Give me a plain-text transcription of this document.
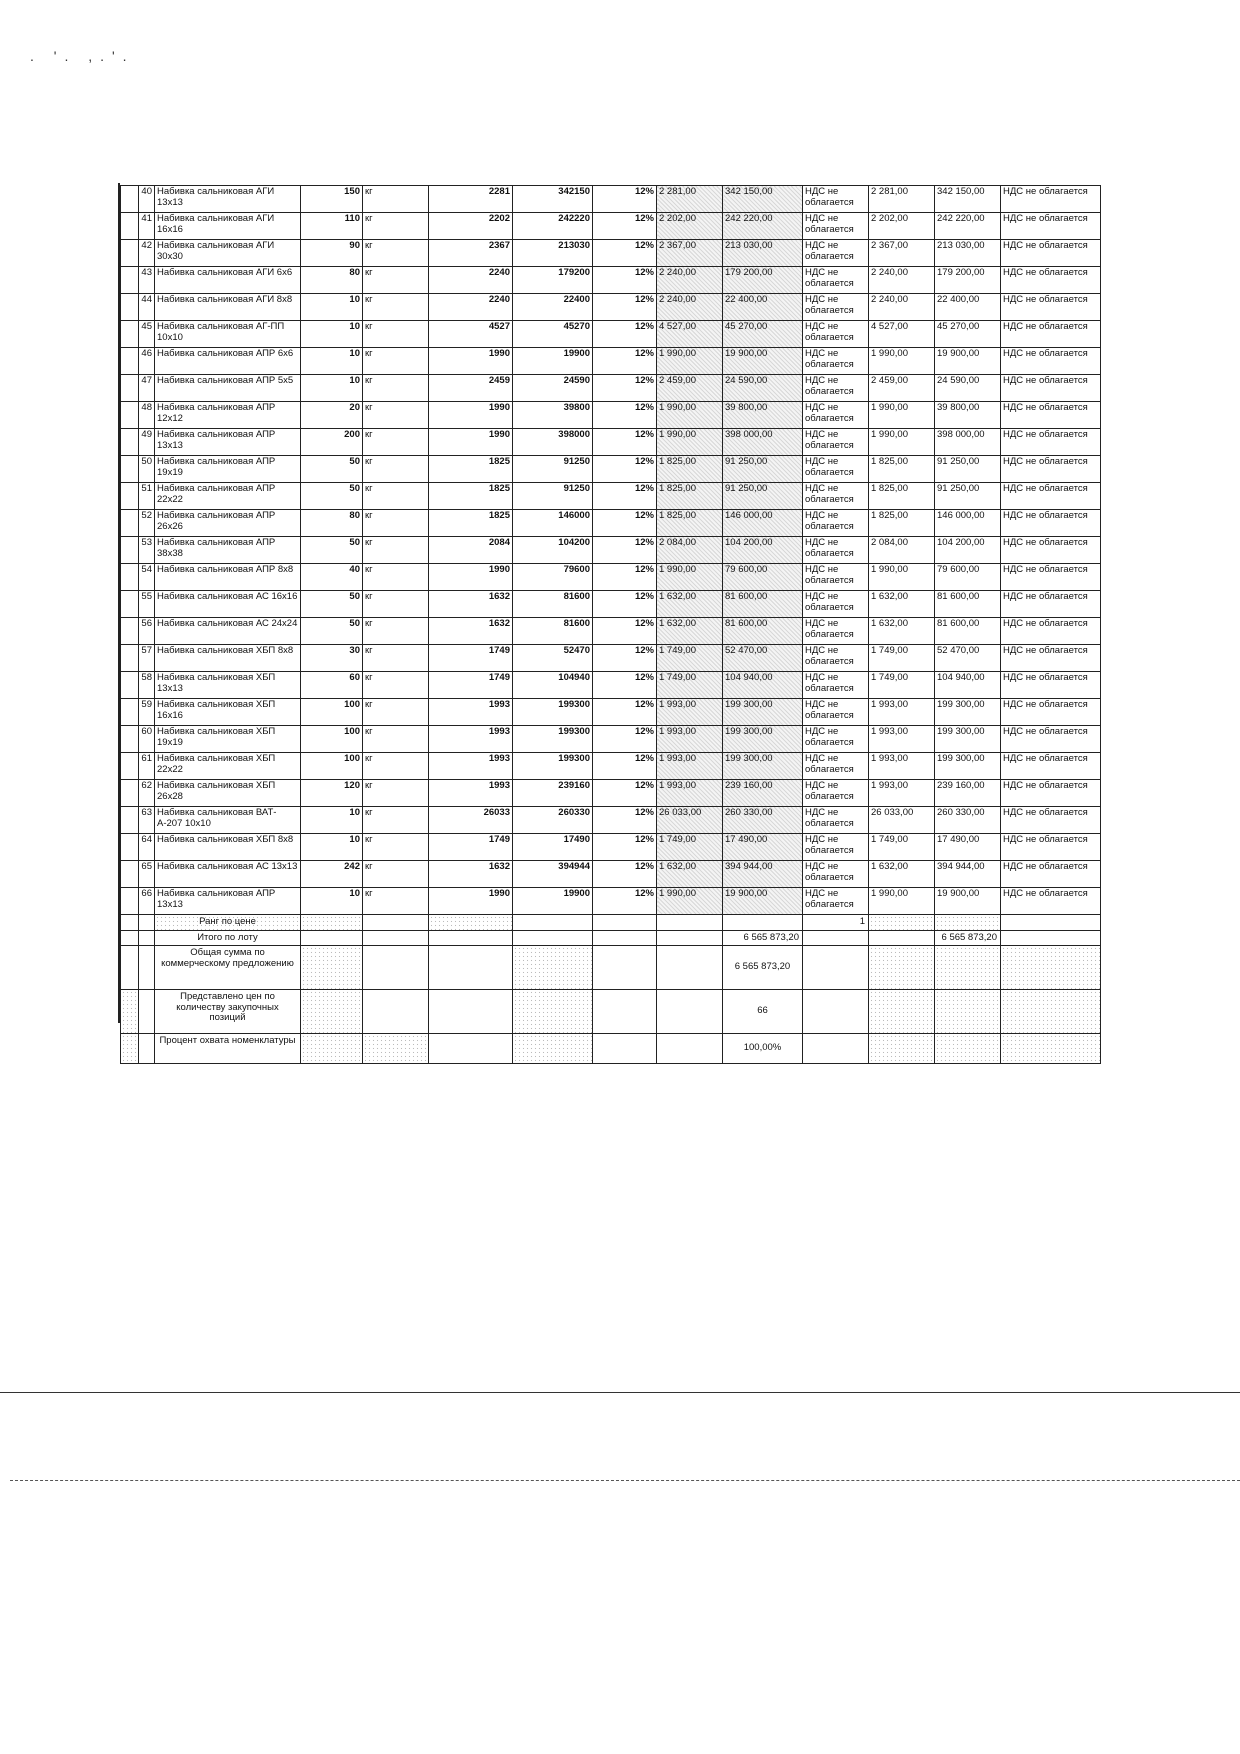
. '. ,.'.
	40	Набивка сальниковая АГИ 13х13	150	кг	2281	342150	12%	2 281,00	342 150,00	НДС не облагается	2 281,00	342 150,00	НДС не облагается
	41	Набивка сальниковая АГИ 16х16	110	кг	2202	242220	12%	2 202,00	242 220,00	НДС не облагается	2 202,00	242 220,00	НДС не облагается
	42	Набивка сальниковая АГИ 30х30	90	кг	2367	213030	12%	2 367,00	213 030,00	НДС не облагается	2 367,00	213 030,00	НДС не облагается
	43	Набивка сальниковая АГИ 6х6	80	кг	2240	179200	12%	2 240,00	179 200,00	НДС не облагается	2 240,00	179 200,00	НДС не облагается
	44	Набивка сальниковая АГИ 8х8	10	кг	2240	22400	12%	2 240,00	22 400,00	НДС не облагается	2 240,00	22 400,00	НДС не облагается
	45	Набивка сальниковая АГ-ПП 10х10	10	кг	4527	45270	12%	4 527,00	45 270,00	НДС не облагается	4 527,00	45 270,00	НДС не облагается
	46	Набивка сальниковая АПР 6х6	10	кг	1990	19900	12%	1 990,00	19 900,00	НДС не облагается	1 990,00	19 900,00	НДС не облагается
	47	Набивка сальниковая АПР 5х5	10	кг	2459	24590	12%	2 459,00	24 590,00	НДС не облагается	2 459,00	24 590,00	НДС не облагается
	48	Набивка сальниковая АПР 12х12	20	кг	1990	39800	12%	1 990,00	39 800,00	НДС не облагается	1 990,00	39 800,00	НДС не облагается
	49	Набивка сальниковая АПР 13х13	200	кг	1990	398000	12%	1 990,00	398 000,00	НДС не облагается	1 990,00	398 000,00	НДС не облагается
	50	Набивка сальниковая АПР 19х19	50	кг	1825	91250	12%	1 825,00	91 250,00	НДС не облагается	1 825,00	91 250,00	НДС не облагается
	51	Набивка сальниковая АПР 22х22	50	кг	1825	91250	12%	1 825,00	91 250,00	НДС не облагается	1 825,00	91 250,00	НДС не облагается
	52	Набивка сальниковая АПР 26х26	80	кг	1825	146000	12%	1 825,00	146 000,00	НДС не облагается	1 825,00	146 000,00	НДС не облагается
	53	Набивка сальниковая АПР 38х38	50	кг	2084	104200	12%	2 084,00	104 200,00	НДС не облагается	2 084,00	104 200,00	НДС не облагается
	54	Набивка сальниковая АПР 8х8	40	кг	1990	79600	12%	1 990,00	79 600,00	НДС не облагается	1 990,00	79 600,00	НДС не облагается
	55	Набивка сальниковая АС 16х16	50	кг	1632	81600	12%	1 632,00	81 600,00	НДС не облагается	1 632,00	81 600,00	НДС не облагается
	56	Набивка сальниковая АС 24х24	50	кг	1632	81600	12%	1 632,00	81 600,00	НДС не облагается	1 632,00	81 600,00	НДС не облагается
	57	Набивка сальниковая ХБП 8х8	30	кг	1749	52470	12%	1 749,00	52 470,00	НДС не облагается	1 749,00	52 470,00	НДС не облагается
	58	Набивка сальниковая ХБП 13х13	60	кг	1749	104940	12%	1 749,00	104 940,00	НДС не облагается	1 749,00	104 940,00	НДС не облагается
	59	Набивка сальниковая ХБП 16х16	100	кг	1993	199300	12%	1 993,00	199 300,00	НДС не облагается	1 993,00	199 300,00	НДС не облагается
	60	Набивка сальниковая ХБП 19х19	100	кг	1993	199300	12%	1 993,00	199 300,00	НДС не облагается	1 993,00	199 300,00	НДС не облагается
	61	Набивка сальниковая ХБП 22х22	100	кг	1993	199300	12%	1 993,00	199 300,00	НДС не облагается	1 993,00	199 300,00	НДС не облагается
	62	Набивка сальниковая ХБП 26х28	120	кг	1993	239160	12%	1 993,00	239 160,00	НДС не облагается	1 993,00	239 160,00	НДС не облагается
	63	Набивка сальниковая ВАТ-А-207 10х10	10	кг	26033	260330	12%	26 033,00	260 330,00	НДС не облагается	26 033,00	260 330,00	НДС не облагается
	64	Набивка сальниковая ХБП 8х8	10	кг	1749	17490	12%	1 749,00	17 490,00	НДС не облагается	1 749,00	17 490,00	НДС не облагается
	65	Набивка сальниковая АС 13х13	242	кг	1632	394944	12%	1 632,00	394 944,00	НДС не облагается	1 632,00	394 944,00	НДС не облагается
	66	Набивка сальниковая АПР 13х13	10	кг	1990	19900	12%	1 990,00	19 900,00	НДС не облагается	1 990,00	19 900,00	НДС не облагается
		Ранг по цене								1			
		Итого по лоту							6 565 873,20			6 565 873,20	
		Общая сумма по коммерческому предложению							6 565 873,20				
		Представлено цен по количеству закупочных позиций							66				
		Процент охвата номенклатуры							100,00%				
